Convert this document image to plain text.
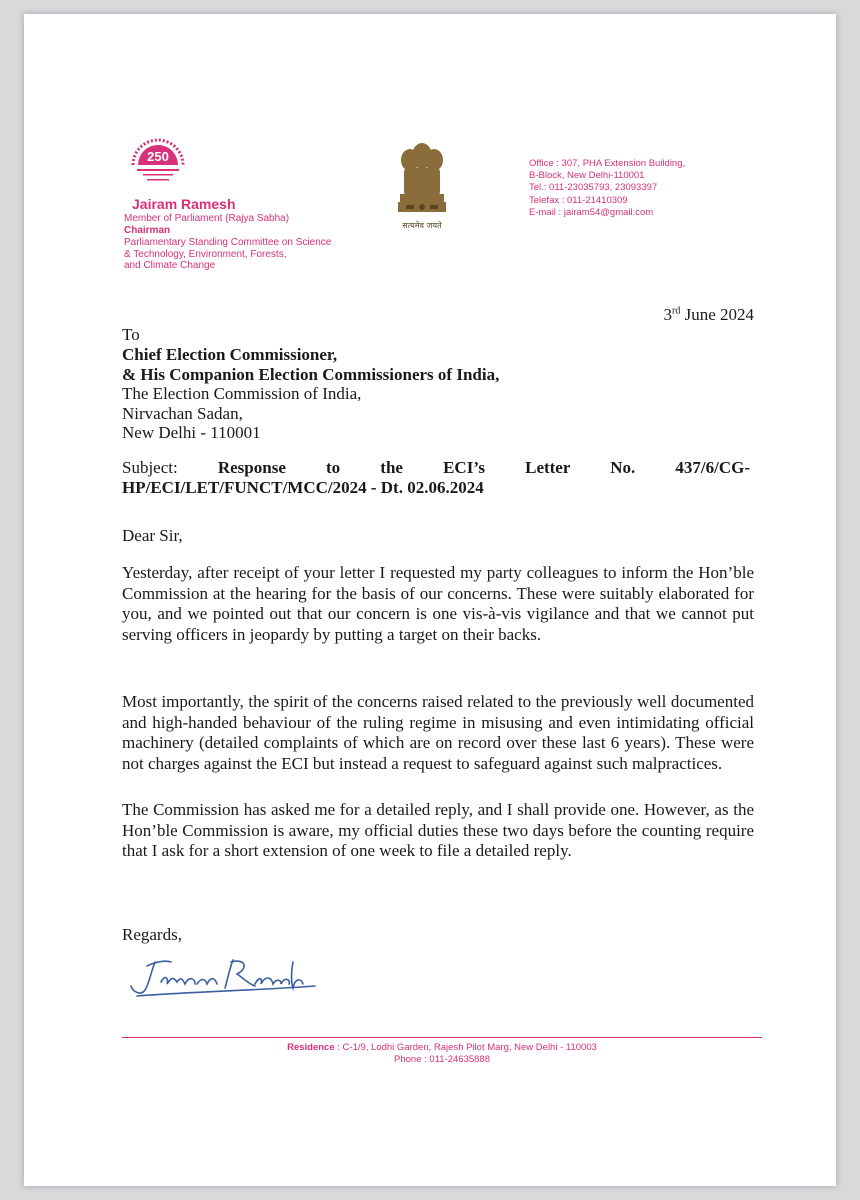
250
Jairam Ramesh
Member of Parliament (Rajya Sabha)
Chairman
Parliamentary Standing Committee on Science
& Technology, Environment, Forests,
and Climate Change
सत्यमेव जयते
Office : 307, PHA Extension Building,
B-Block, New Delhi-110001
Tel.: 011-23035793, 23093397
Telefax : 011-21410309
E-mail : jairam54@gmail.com
3rd June 2024
To
Chief Election Commissioner,
& His Companion Election Commissioners of India,
The Election Commission of India,
Nirvachan Sadan,
New Delhi - 110001
Subject: Response to the ECI’s Letter No. 437/6/CG-
HP/ECI/LET/FUNCT/MCC/2024 - Dt. 02.06.2024
Dear Sir,
Yesterday, after receipt of your letter I requested my party colleagues to inform the Hon’ble Commission at the hearing for the basis of our concerns. These were suitably elaborated for you, and we pointed out that our concern is one vis-à-vis vigilance and that we cannot put serving officers in jeopardy by putting a target on their backs.
Most importantly, the spirit of the concerns raised related to the previously well documented and high-handed behaviour of the ruling regime in misusing and even intimidating official machinery (detailed complaints of which are on record over these last 6 years). These were not charges against the ECI but instead a request to safeguard against such malpractices.
The Commission has asked me for a detailed reply, and I shall provide one. However, as the Hon’ble Commission is aware, my official duties these two days before the counting require that I ask for a short extension of one week to file a detailed reply.
Regards,
Residence : C-1/9, Lodhi Garden, Rajesh Pilot Marg, New Delhi - 110003
Phone : 011-24635888
